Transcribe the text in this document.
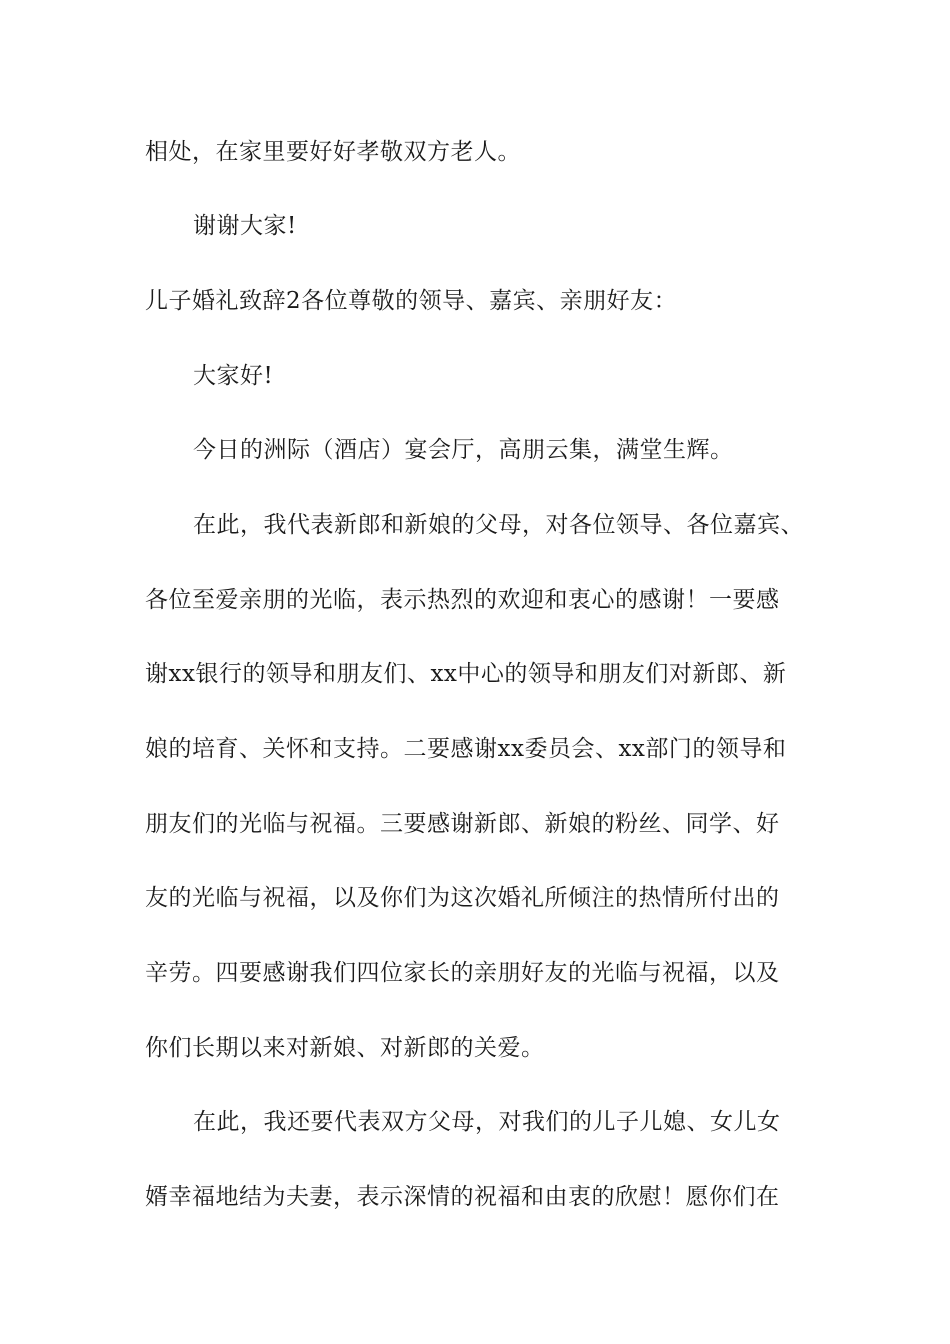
相处，在家里要好好孝敬双方老人。

谢谢大家!

儿子婚礼致辞2各位尊敬的领导、嘉宾、亲朋好友：

大家好!

今日的洲际（酒店）宴会厅，高朋云集，满堂生辉。

在此，我代表新郎和新娘的父母，对各位领导、各位嘉宾、

各位至爱亲朋的光临，表示热烈的欢迎和衷心的感谢！一要感

谢xx银行的领导和朋友们、xx中心的领导和朋友们对新郎、新

娘的培育、关怀和支持。二要感谢xx委员会、xx部门的领导和

朋友们的光临与祝福。三要感谢新郎、新娘的粉丝、同学、好

友的光临与祝福，以及你们为这次婚礼所倾注的热情所付出的

辛劳。四要感谢我们四位家长的亲朋好友的光临与祝福，以及

你们长期以来对新娘、对新郎的关爱。

在此，我还要代表双方父母，对我们的儿子儿媳、女儿女

婿幸福地结为夫妻，表示深情的祝福和由衷的欣慰！愿你们在
